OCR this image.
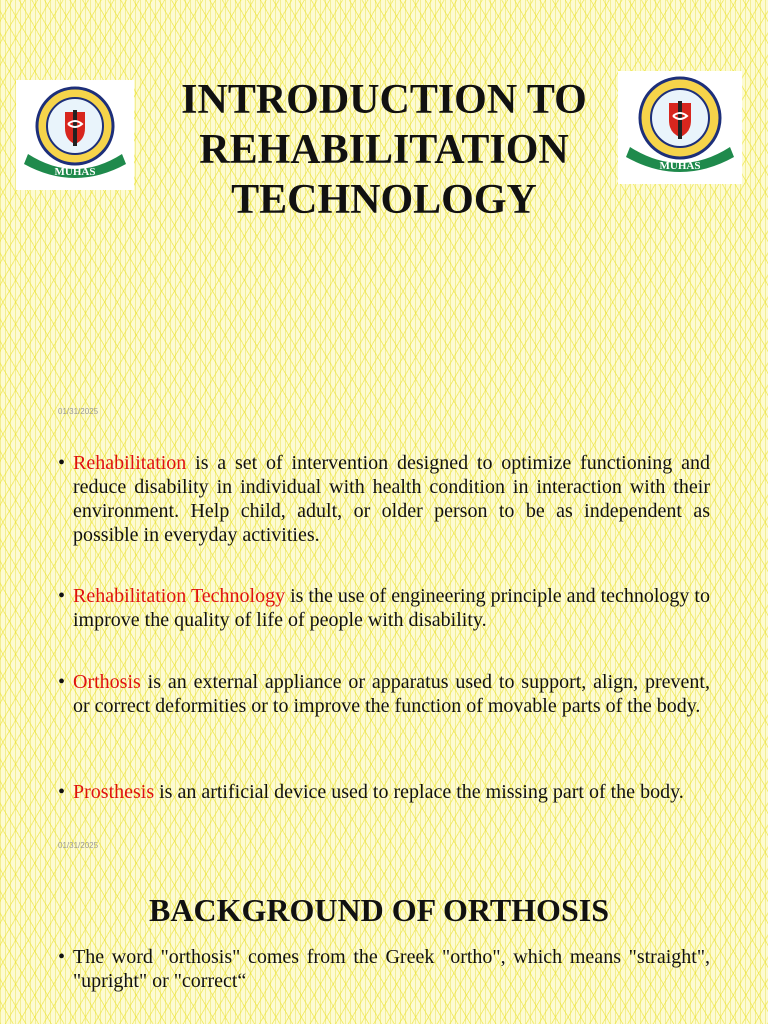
MUHAS
INTRODUCTION TO
REHABILITATION
TECHNOLOGY
MUHAS
01/31/2025
• Rehabilitation is a set of intervention designed to optimize functioning and reduce disability in individual with health condition in interaction with their environment. Help child, adult, or older person to be as independent as possible in everyday activities.
• Rehabilitation Technology is the use of engineering principle and technology to improve the quality of life of people with disability.
• Orthosis is an external appliance or apparatus used to support, align, prevent, or correct deformities or to improve the function of movable parts of the body.
• Prosthesis is an artificial device used to replace the missing part of the body.
01/31/2025
BACKGROUND OF ORTHOSIS
• The word "orthosis" comes from the Greek "ortho", which means "straight", "upright" or "correct“
